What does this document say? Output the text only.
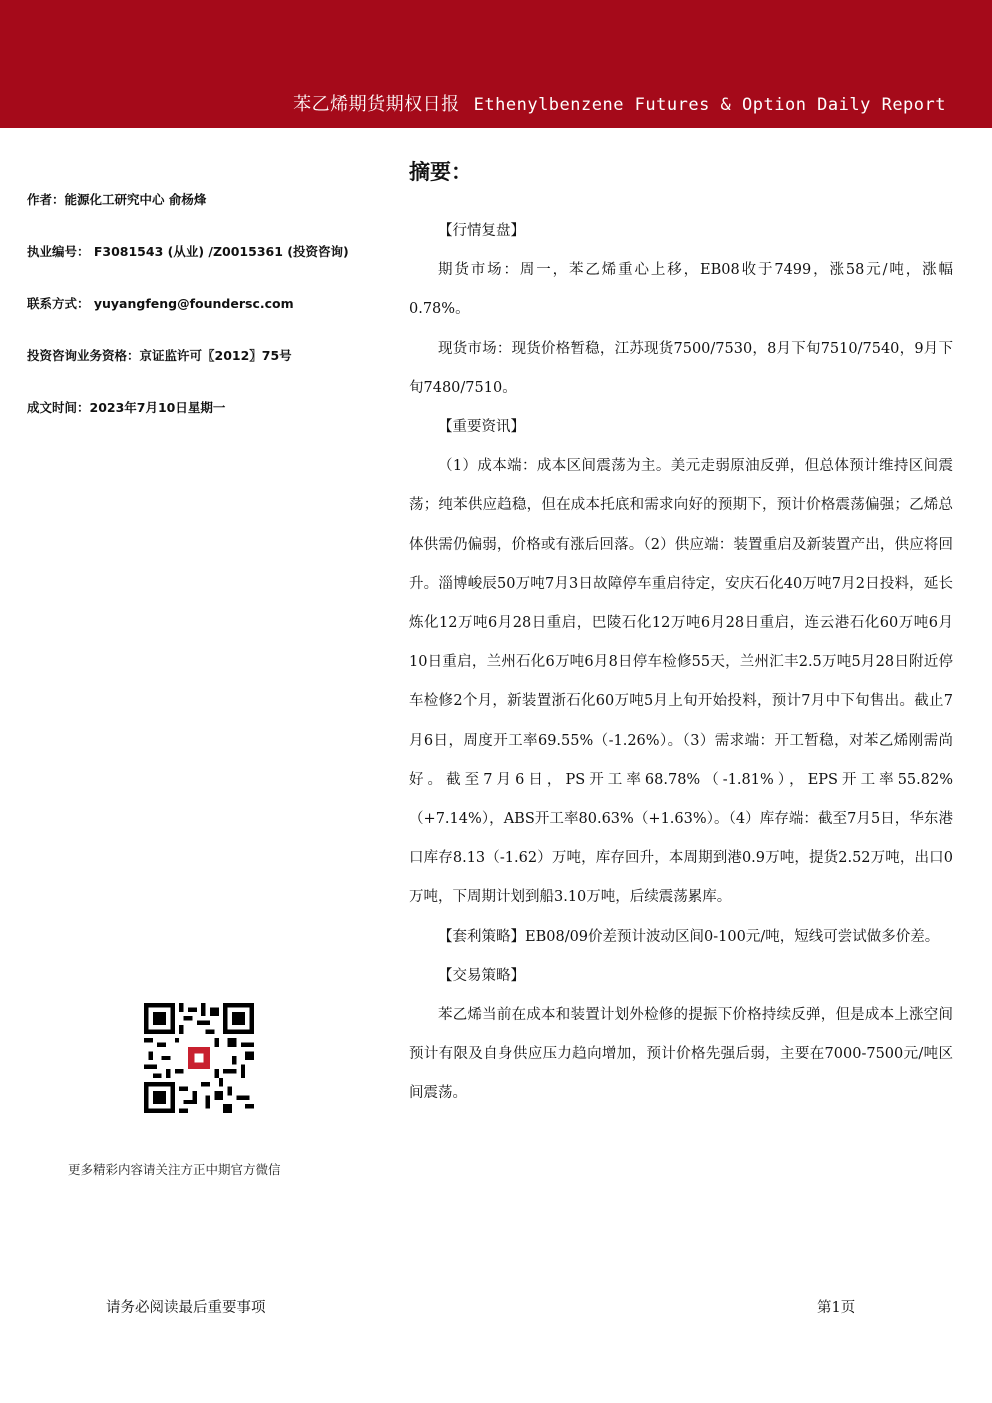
苯乙烯期货期权日报 Ethenylbenzene Futures & Option Daily Report
作者：能源化工研究中心 俞杨烽
执业编号： F3081543 (从业) /Z0015361 (投资咨询)
联系方式： yuyangfeng@foundersc.com
投资咨询业务资格：京证监许可〖2012〗75号
成文时间：2023年7月10日星期一
更多精彩内容请关注方正中期官方微信
摘要：

【行情复盘】

期货市场：周一，苯乙烯重心上移，EB08收于7499，涨58元/吨，涨幅0.78%。

现货市场：现货价格暂稳，江苏现货7500/7530，8月下旬7510/7540，9月下旬7480/7510。

【重要资讯】

（1）成本端：成本区间震荡为主。美元走弱原油反弹，但总体预计维持区间震荡；纯苯供应趋稳，但在成本托底和需求向好的预期下，预计价格震荡偏强；乙烯总体供需仍偏弱，价格或有涨后回落。（2）供应端：装置重启及新装置产出，供应将回升。淄博峻辰50万吨7月3日故障停车重启待定，安庆石化40万吨7月2日投料，延长炼化12万吨6月28日重启，巴陵石化12万吨6月28日重启，连云港石化60万吨6月10日重启，兰州石化6万吨6月8日停车检修55天，兰州汇丰2.5万吨5月28日附近停车检修2个月，新装置浙石化60万吨5月上旬开始投料，预计7月中下旬售出。截止7月6日，周度开工率69.55%（-1.26%）。（3）需求端：开工暂稳，对苯乙烯刚需尚好。截至7月6日，PS开工率68.78%（-1.81%），EPS开工率55.82%（+7.14%），ABS开工率80.63%（+1.63%）。（4）库存端：截至7月5日，华东港口库存8.13（-1.62）万吨，库存回升，本周期到港0.9万吨，提货2.52万吨，出口0万吨，下周期计划到船3.10万吨，后续震荡累库。

【套利策略】EB08/09价差预计波动区间0-100元/吨，短线可尝试做多价差。

【交易策略】

苯乙烯当前在成本和装置计划外检修的提振下价格持续反弹，但是成本上涨空间预计有限及自身供应压力趋向增加，预计价格先强后弱，主要在7000-7500元/吨区间震荡。

请务必阅读最后重要事项	第1页
